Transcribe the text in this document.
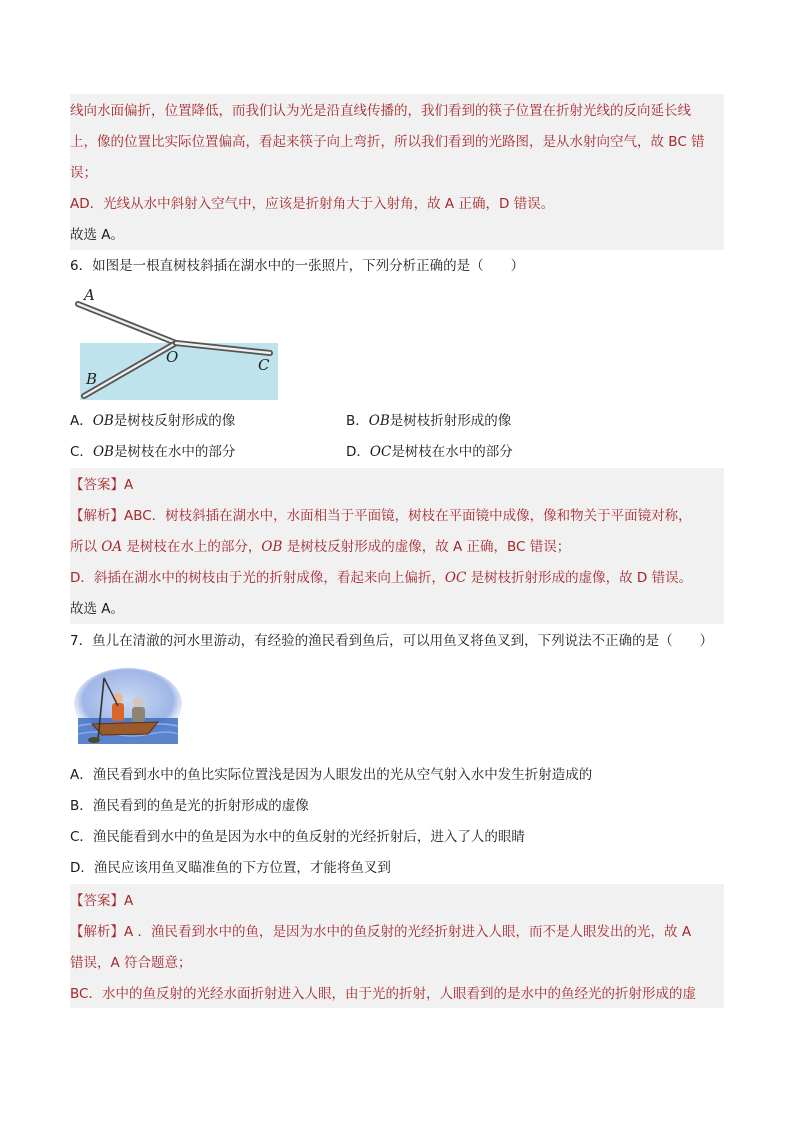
线向水面偏折，位置降低，而我们认为光是沿直线传播的，我们看到的筷子位置在折射光线的反向延长线
上，像的位置比实际位置偏高，看起来筷子向上弯折，所以我们看到的光路图，是从水射向空气，故 BC 错
误；
AD．光线从水中斜射入空气中，应该是折射角大于入射角，故 A 正确，D 错误。
故选 A。
6．如图是一根直树枝斜插在湖水中的一张照片，下列分析正确的是（　　）
A
O
B
C
A．OB是树枝反射形成的像	B．OB是树枝折射形成的像
C．OB是树枝在水中的部分	D．OC是树枝在水中的部分
【答案】A
【解析】ABC．树枝斜插在湖水中，水面相当于平面镜，树枝在平面镜中成像，像和物关于平面镜对称，
所以 OA 是树枝在水上的部分，OB 是树枝反射形成的虚像，故 A 正确，BC 错误；
D．斜插在湖水中的树枝由于光的折射成像，看起来向上偏折，OC 是树枝折射形成的虚像，故 D 错误。
故选 A。
7．鱼儿在清澈的河水里游动，有经验的渔民看到鱼后，可以用鱼叉将鱼叉到，下列说法不正确的是（　　）
A．渔民看到水中的鱼比实际位置浅是因为人眼发出的光从空气射入水中发生折射造成的
B．渔民看到的鱼是光的折射形成的虚像
C．渔民能看到水中的鱼是因为水中的鱼反射的光经折射后，进入了人的眼睛
D．渔民应该用鱼叉瞄准鱼的下方位置，才能将鱼叉到
【答案】A
【解析】A ．渔民看到水中的鱼，是因为水中的鱼反射的光经折射进入人眼，而不是人眼发出的光，故 A
错误，A 符合题意；
BC．水中的鱼反射的光经水面折射进入人眼，由于光的折射，人眼看到的是水中的鱼经光的折射形成的虚
